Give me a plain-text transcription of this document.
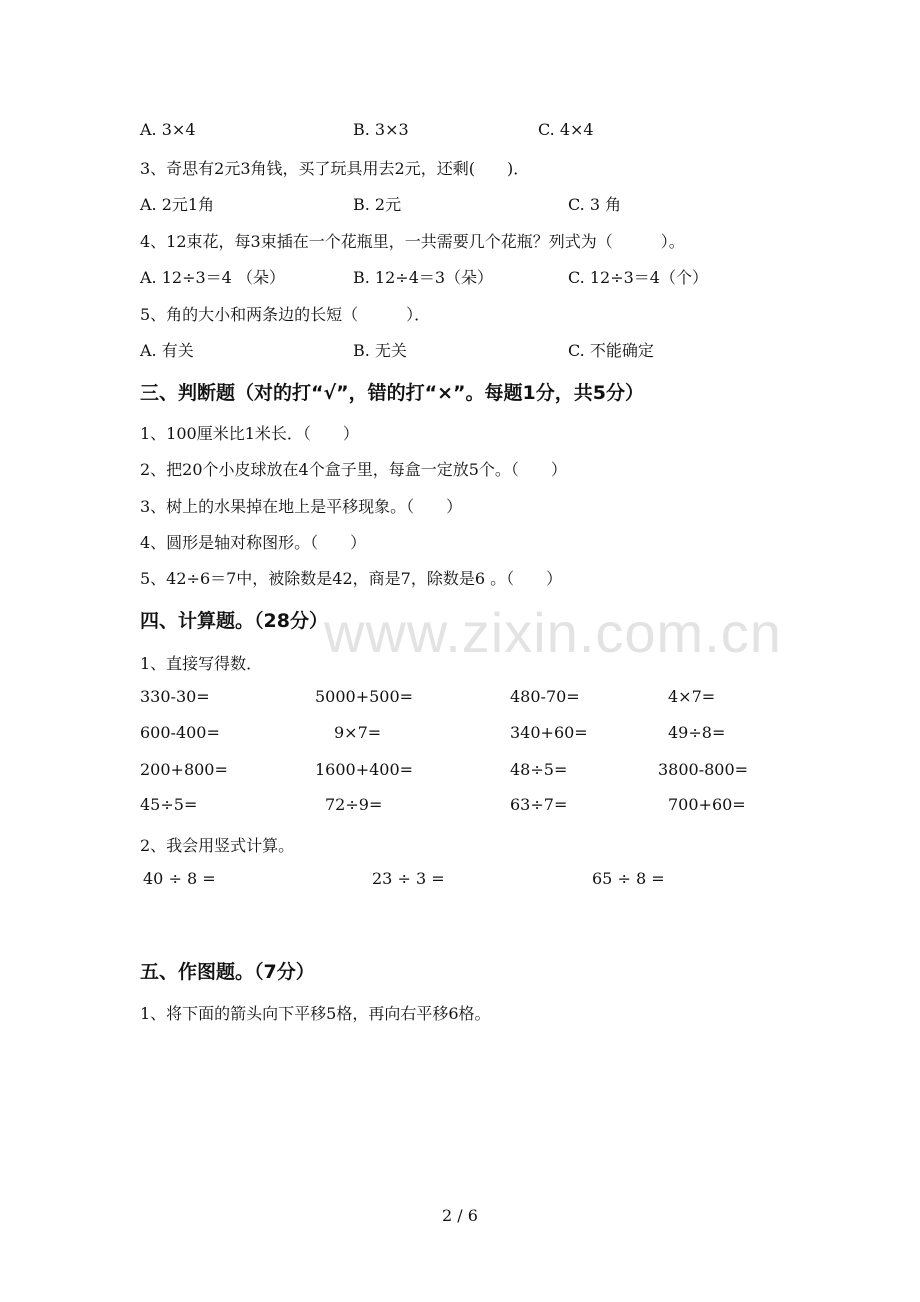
www.zixin.com.cn
A. 3×4	B. 3×3	C. 4×4
3、奇思有2元3角钱，买了玩具用去2元，还剩(　　)．
A. 2元1角	B. 2元	C. 3 角
4、12束花，每3束插在一个花瓶里，一共需要几个花瓶？列式为（　　　）。
A. 12÷3＝4 （朵）	B. 12÷4＝3（朵）	C. 12÷3＝4（个）
5、角的大小和两条边的长短（　　　）．
A. 有关	B. 无关	C. 不能确定
三、判断题（对的打“√”，错的打“×”。每题1分，共5分）
1、100厘米比1米长．（　　）
2、把20个小皮球放在4个盒子里，每盒一定放5个。（　　）
3、树上的水果掉在地上是平移现象。（　　）
4、圆形是轴对称图形。（　　）
5、42÷6＝7中，被除数是42，商是7，除数是6 。（　　）
四、计算题。（28分）
1、直接写得数．
330-30=	5000+500=	480-70=	4×7=
600-400=	9×7=	340+60=	49÷8=
200+800=	1600+400=	48÷5=	3800-800=
45÷5=	72÷9=	63÷7=	700+60=
2、我会用竖式计算。
40 ÷ 8 =	23 ÷ 3 =	65 ÷ 8 =
五、作图题。（7分）
1、将下面的箭头向下平移5格，再向右平移6格。
2 / 6
